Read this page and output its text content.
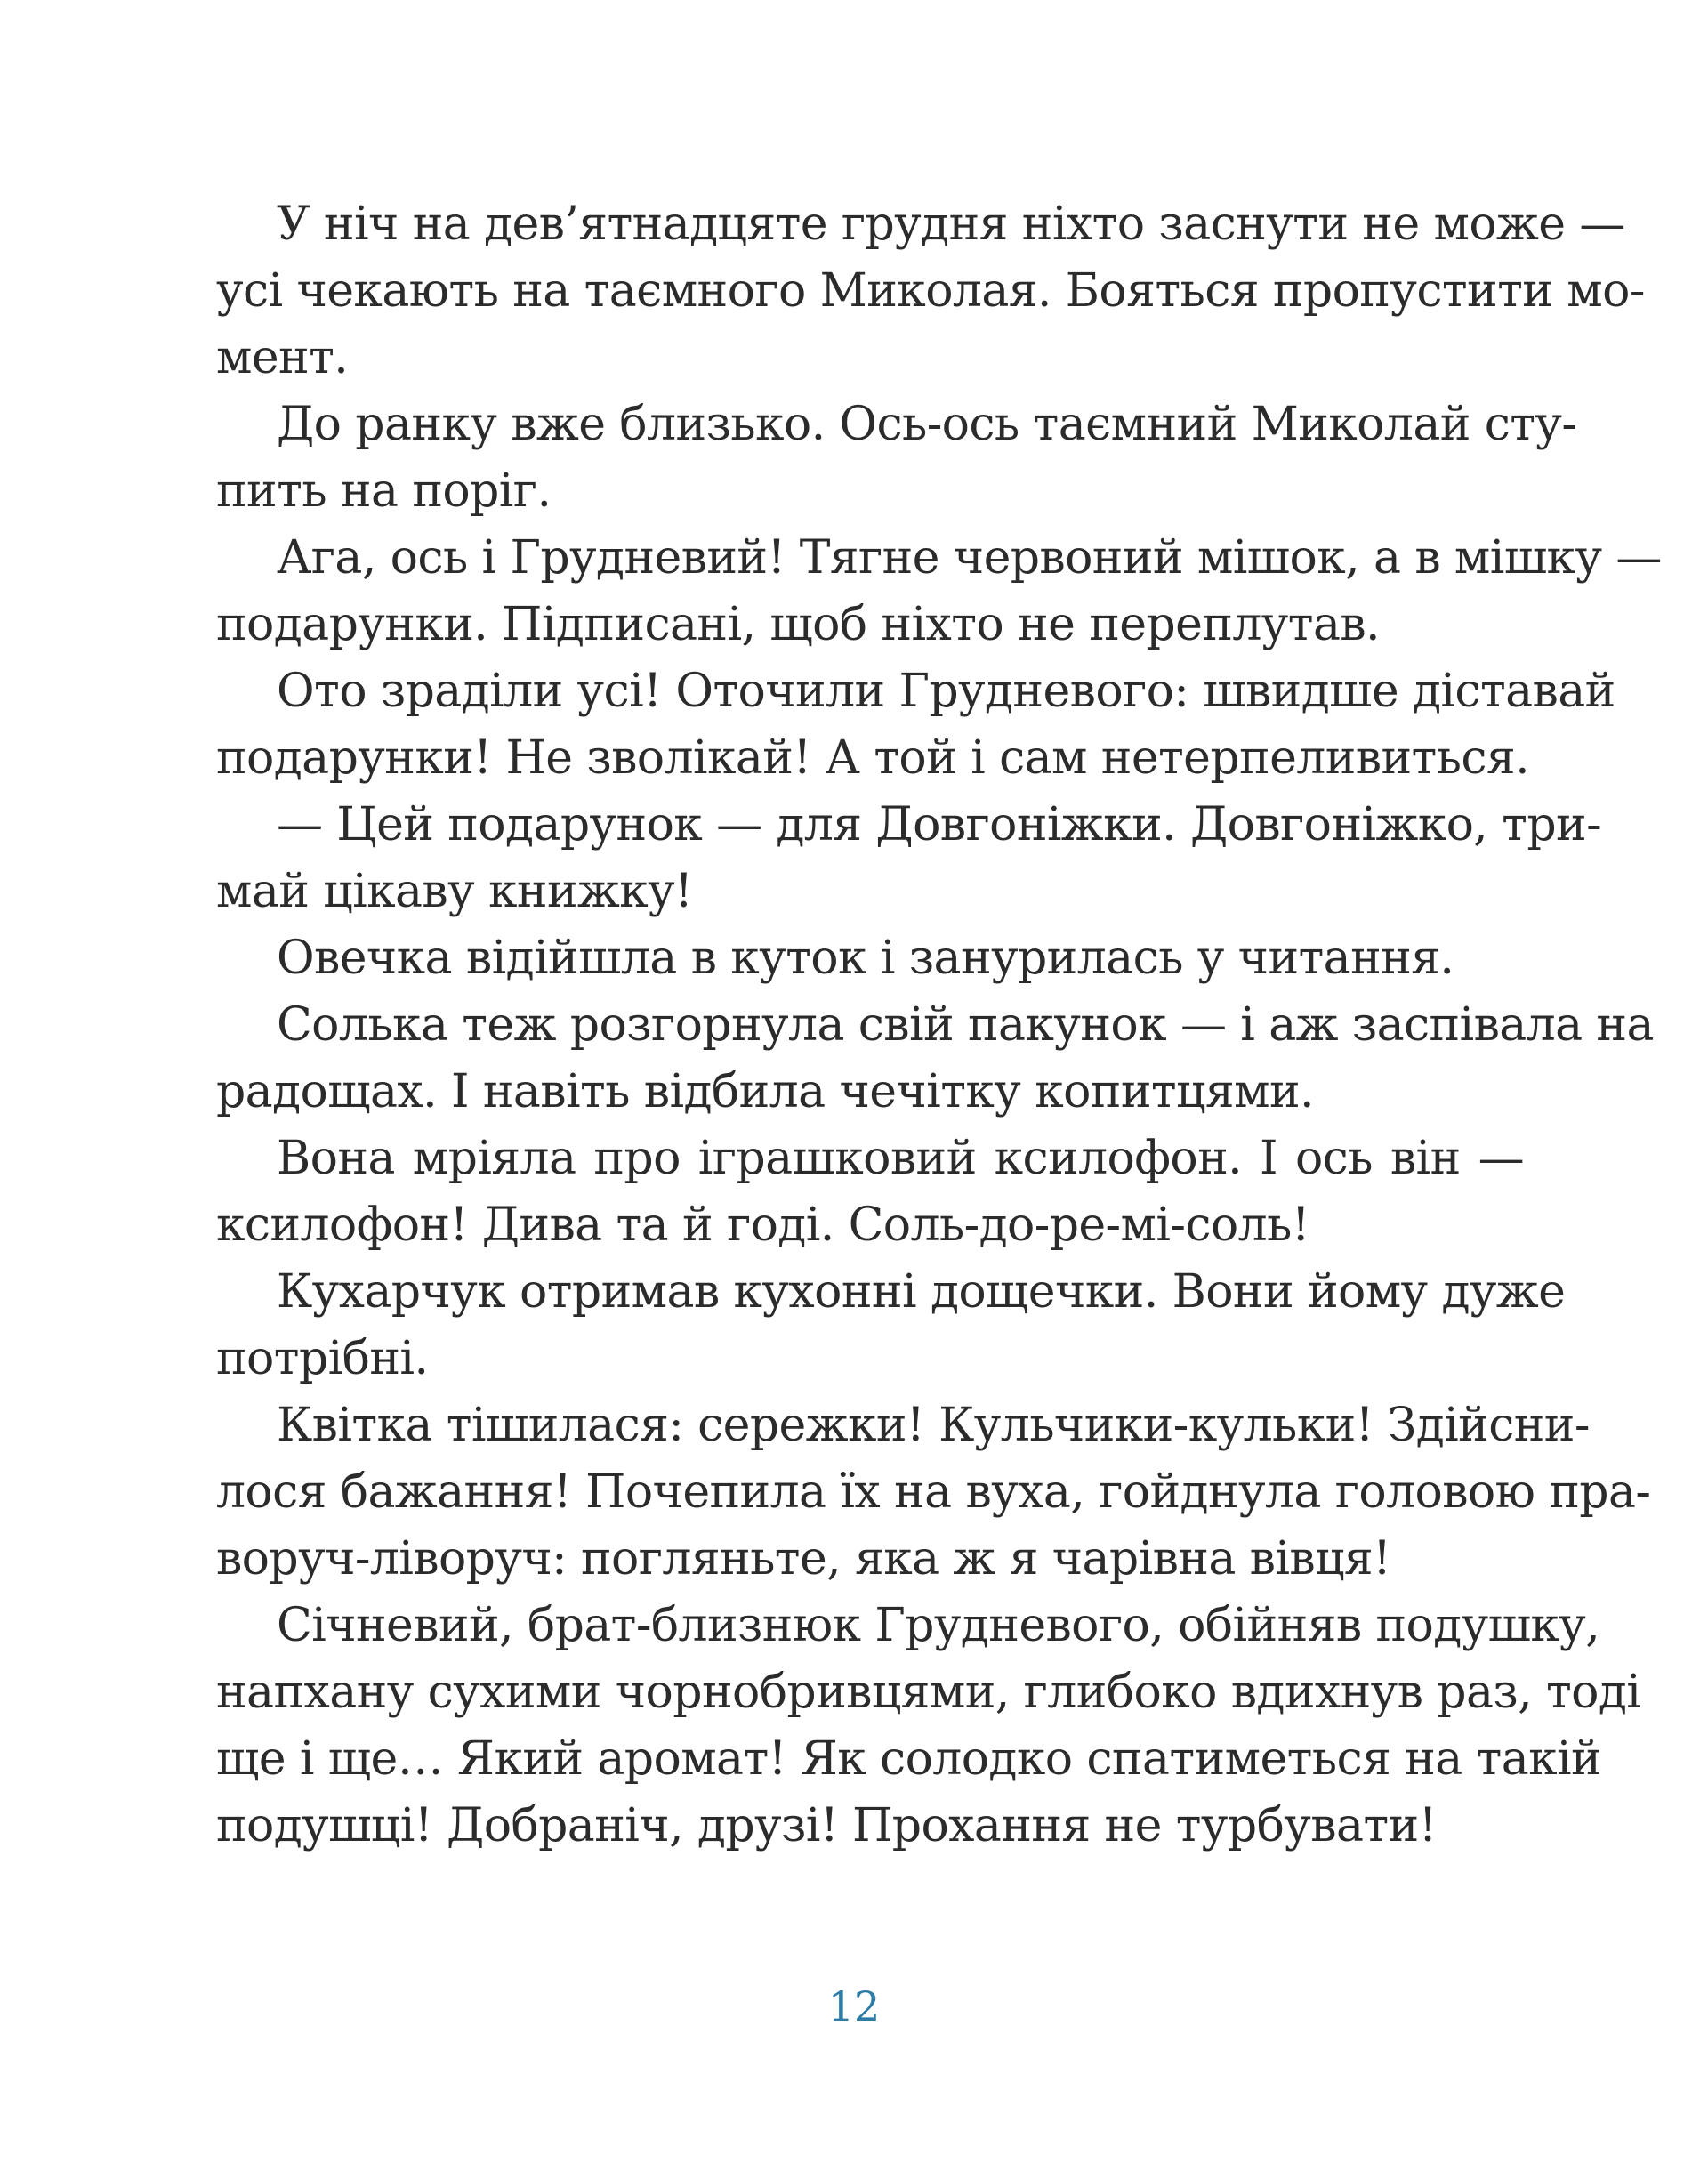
У ніч на дев’ятнадцяте грудня ніхто заснути не може —
усі чекають на таємного Миколая. Бояться пропустити мо-
мент.
До ранку вже близько. Ось-ось таємний Миколай сту-
пить на поріг.
Ага, ось і Грудневий! Тягне червоний мішок, а в мішку —
подарунки. Підписані, щоб ніхто не переплутав.
Ото зраділи усі! Оточили Грудневого: швидше діставай
подарунки! Не зволікай! А той і сам нетерпеливиться.
— Цей подарунок — для Довгоніжки. Довгоніжко, три-
май цікаву книжку!
Овечка відійшла в куток і занурилась у читання.
Солька теж розгорнула свій пакунок — і аж заспівала на
радощах. І навіть відбила чечітку копитцями.
Вона мріяла про іграшковий ксилофон. І ось він —
ксилофон! Дива та й годі. Соль-до-ре-мі-соль!
Кухарчук отримав кухонні дощечки. Вони йому дуже
потрібні.
Квітка тішилася: сережки! Кульчики-кульки! Здійсни-
лося бажання! Почепила їх на вуха, гойднула головою пра-
воруч-ліворуч: погляньте, яка ж я чарівна вівця!
Січневий, брат-близнюк Грудневого, обійняв подушку,
напхану сухими чорнобривцями, глибоко вдихнув раз, тоді
ще і ще… Який аромат! Як солодко спатиметься на такій
подушці! Добраніч, друзі! Прохання не турбувати!
12
